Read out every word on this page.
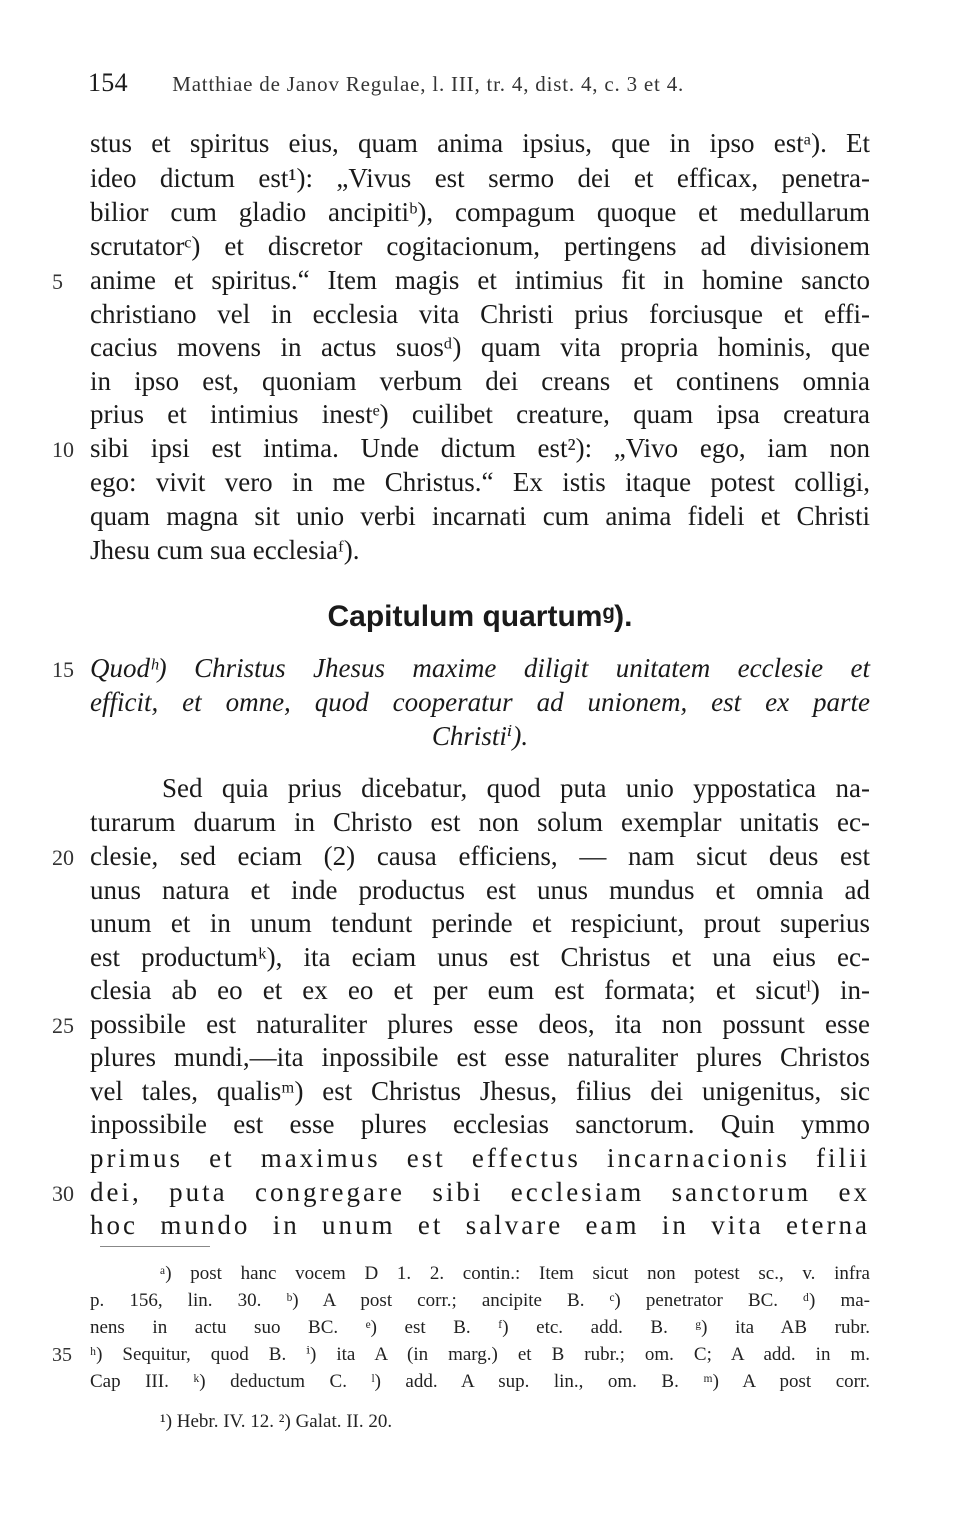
154 Matthiae de Janov Regulae, l. III, tr. 4, dist. 4, c. 3 et 4.
stus et spiritus eius, quam anima ipsius, que in ipso estᵃ). Et
ideo dictum est¹): „Vivus est sermo dei et efficax, penetra-
bilior cum gladio ancipitiᵇ), compagum quoque et medullarum
scrutatorᶜ) et discretor cogitacionum, pertingens ad divisionem
5	anime et spiritus.“ Item magis et intimius fit in homine sancto
christiano vel in ecclesia vita Christi prius forciusque et effi-
cacius movens in actus suosᵈ) quam vita propria hominis, que
in ipso est, quoniam verbum dei creans et continens omnia
prius et intimius inestᵉ) cuilibet creature, quam ipsa creatura
10 sibi ipsi est intima. Unde dictum est²): „Vivo ego, iam non
ego: vivit vero in me Christus.“ Ex istis itaque potest colligi,
quam magna sit unio verbi incarnati cum anima fideli et Christi
Jhesu cum sua ecclesiaᶠ).
Capitulum quartumᵍ).
15 Quodʰ) Christus Jhesus maxime diligit unitatem ecclesie et
efficit, et omne, quod cooperatur ad unionem, est ex parte
Christiⁱ).
Sed quia prius dicebatur, quod puta unio yppostatica na-
turarum duarum in Christo est non solum exemplar unitatis ec-
20 clesie, sed eciam (2) causa efficiens, — nam sicut deus est
unus natura et inde productus est unus mundus et omnia ad
unum et in unum tendunt perinde et respiciunt, prout superius
est productumᵏ), ita eciam unus est Christus et una eius ec-
clesia ab eo et ex eo et per eum est formata; et sicutˡ) in-
25 possibile est naturaliter plures esse deos, ita non possunt esse
plures mundi,—ita inpossibile est esse naturaliter plures Christos
vel tales, qualisᵐ) est Christus Jhesus, filius dei unigenitus, sic
inpossibile est esse plures ecclesias sanctorum. Quin ymmo
primus et maximus est effectus incarnacionis filii
30 dei, puta congregare sibi ecclesiam sanctorum ex
hoc mundo in unum et salvare eam in vita eterna
ᵃ) post hanc vocem D 1. 2. contin.: Item sicut non potest sc., v. infra
p. 156, lin. 30. ᵇ) A post corr.; ancipite B. ᶜ) penetrator BC. ᵈ) ma-
nens in actu suo BC. ᵉ) est B. ᶠ) etc. add. B. ᵍ) ita AB rubr.
35 ʰ) Sequitur, quod B. ⁱ) ita A (in marg.) et B rubr.; om. C; A add. in m.
Cap III. ᵏ) deductum C. ˡ) add. A sup. lin., om. B. ᵐ) A post corr.
¹) Hebr. IV. 12. ²) Galat. II. 20.
